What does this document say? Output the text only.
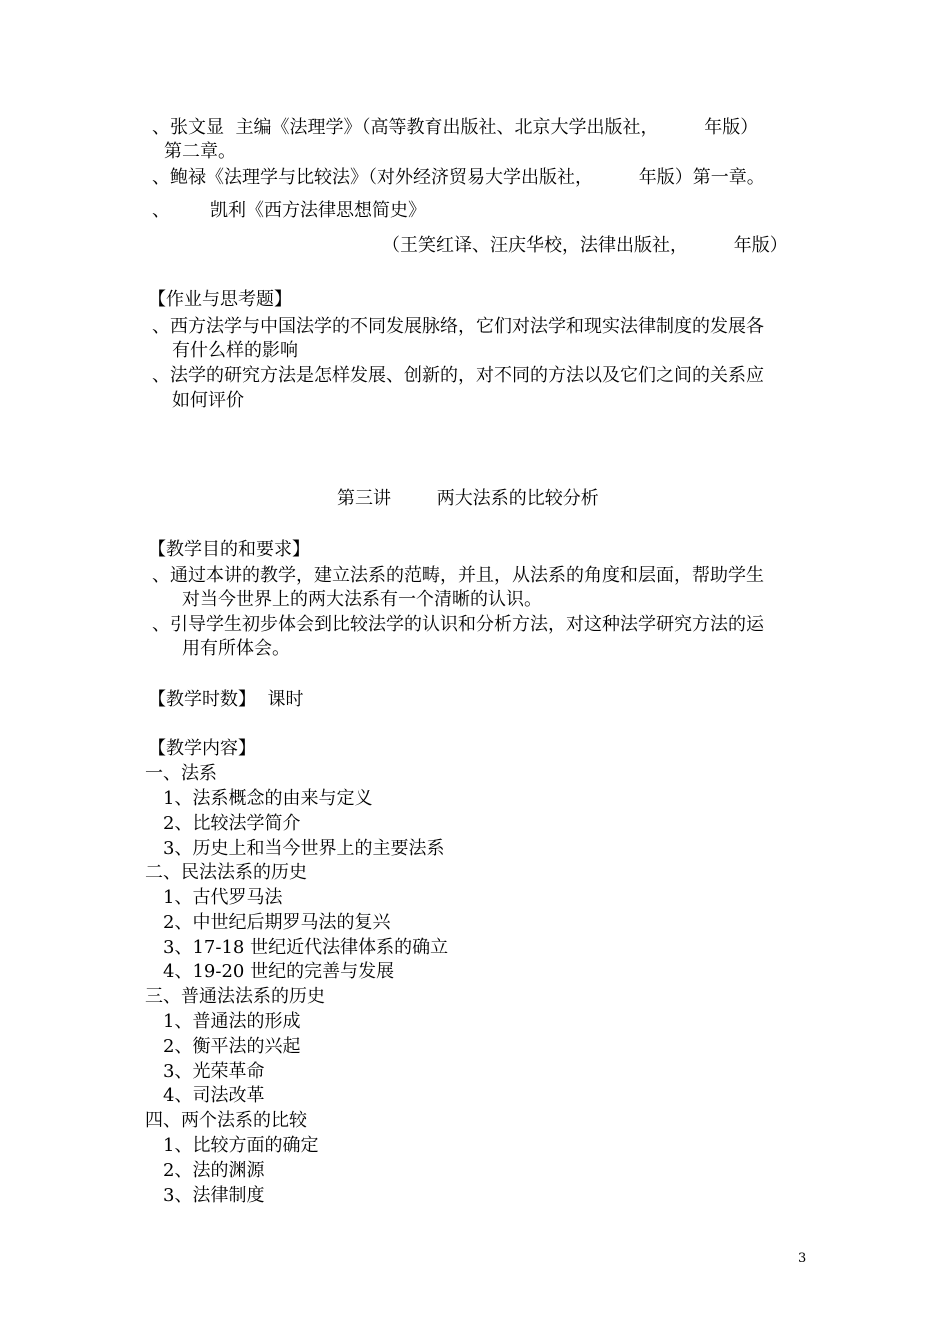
、张文显  主编《法理学》（高等教育出版社、北京大学出版社，        年版）
第二章。
、鲍禄《法理学与比较法》（对外经济贸易大学出版社，        年版）第一章。
、       凯利《西方法律思想简史》
（王笑红译、汪庆华校，法律出版社，        年版）
【作业与思考题】
、西方法学与中国法学的不同发展脉络，它们对法学和现实法律制度的发展各
有什么样的影响
、法学的研究方法是怎样发展、创新的，对不同的方法以及它们之间的关系应
如何评价
第三讲        两大法系的比较分析
【教学目的和要求】
、通过本讲的教学，建立法系的范畴，并且，从法系的角度和层面，帮助学生
对当今世界上的两大法系有一个清晰的认识。
、引导学生初步体会到比较法学的认识和分析方法，对这种法学研究方法的运
用有所体会。
【教学时数】  课时
【教学内容】
一、法系
1、法系概念的由来与定义
2、比较法学简介
3、历史上和当今世界上的主要法系
二、民法法系的历史
1、古代罗马法
2、中世纪后期罗马法的复兴
3、17-18 世纪近代法律体系的确立
4、19-20 世纪的完善与发展
三、普通法法系的历史
1、普通法的形成
2、衡平法的兴起
3、光荣革命
4、司法改革
四、两个法系的比较
1、比较方面的确定
2、法的渊源
3、法律制度
3
